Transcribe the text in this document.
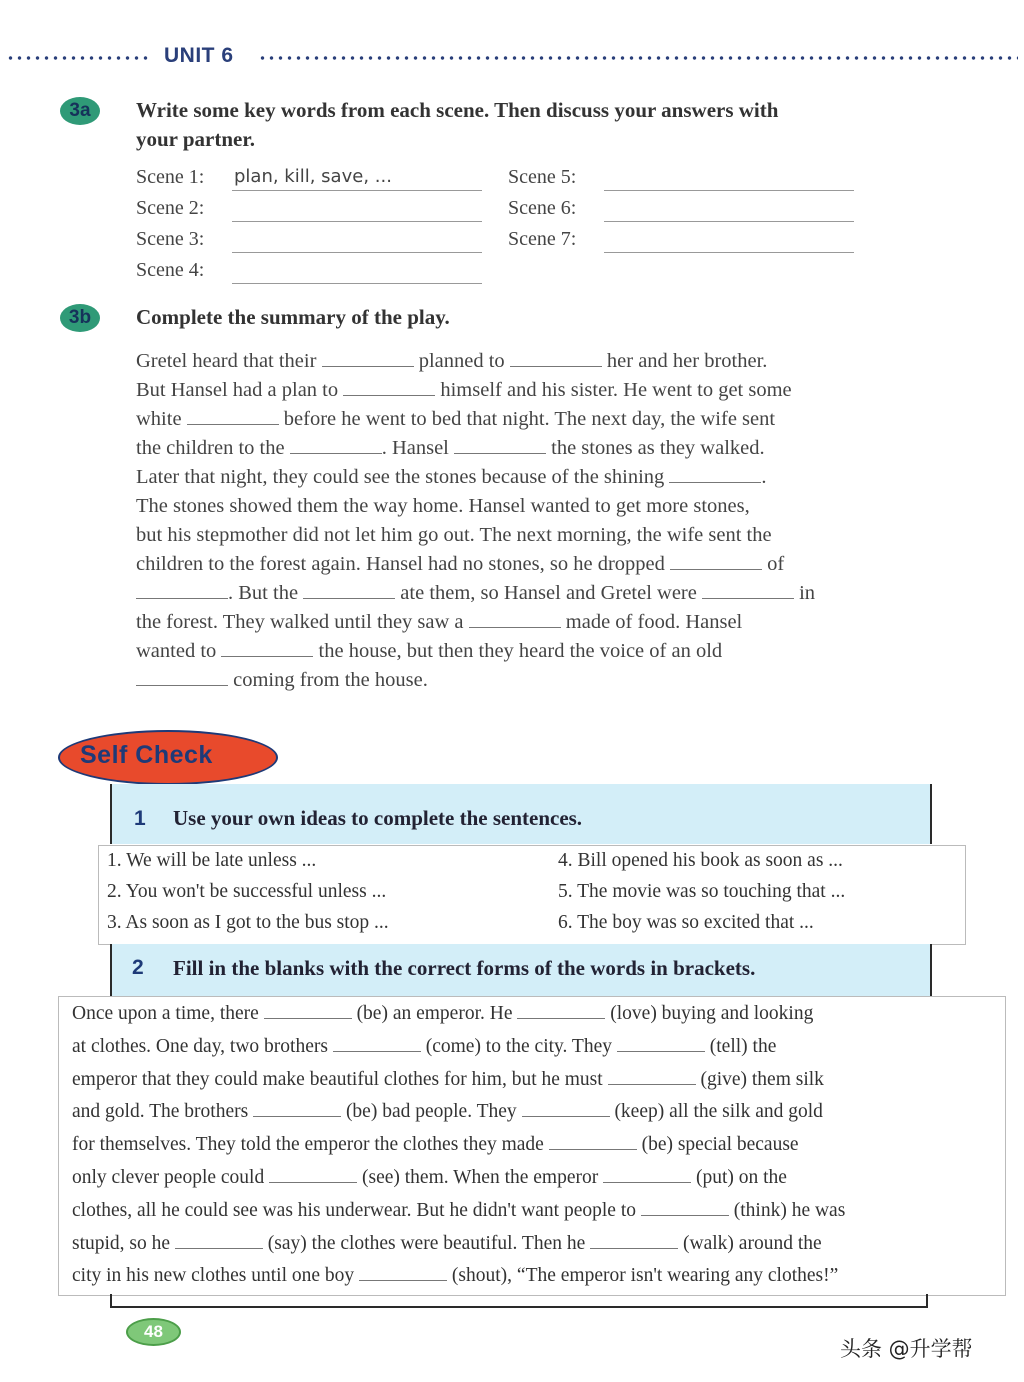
UNIT 6
3a	Write some key words from each scene. Then discuss your answers with
your partner.
Scene 1: plan, kill, save, ...
Scene 2:
Scene 3:
Scene 4:
Scene 5:
Scene 6:
Scene 7:
3b	Complete the summary of the play.
Gretel heard that their	planned to	her and her brother.
But Hansel had a plan to	himself and his sister. He went to get some
white	before he went to bed that night. The next day, the wife sent
the children to the	. Hansel	the stones as they walked.
Later that night, they could see the stones because of the shining	.
The stones showed them the way home. Hansel wanted to get more stones,
but his stepmother did not let him go out. The next morning, the wife sent the
children to the forest again. Hansel had no stones, so he dropped	of
. But the	ate them, so Hansel and Gretel were	in
the forest. They walked until they saw a	made of food. Hansel
wanted to	the house, but then they heard the voice of an old
coming from the house.
Self Check
1 Use your own ideas to complete the sentences.
1. We will be late unless ...
2. You won't be successful unless ...
3. As soon as I got to the bus stop ...
4. Bill opened his book as soon as ...
5. The movie was so touching that ...
6. The boy was so excited that ...
2 Fill in the blanks with the correct forms of the words in brackets.
Once upon a time, there	(be) an emperor. He	(love) buying and looking
at clothes. One day, two brothers	(come) to the city. They	(tell) the
emperor that they could make beautiful clothes for him, but he must	(give) them silk
and gold. The brothers	(be) bad people. They	(keep) all the silk and gold
for themselves. They told the emperor the clothes they made	(be) special because
only clever people could	(see) them. When the emperor	(put) on the
clothes, all he could see was his underwear. But he didn't want people to	(think) he was
stupid, so he	(say) the clothes were beautiful. Then he	(walk) around the
city in his new clothes until one boy	(shout), “The emperor isn't wearing any clothes!”
48
头条 @升学帮
